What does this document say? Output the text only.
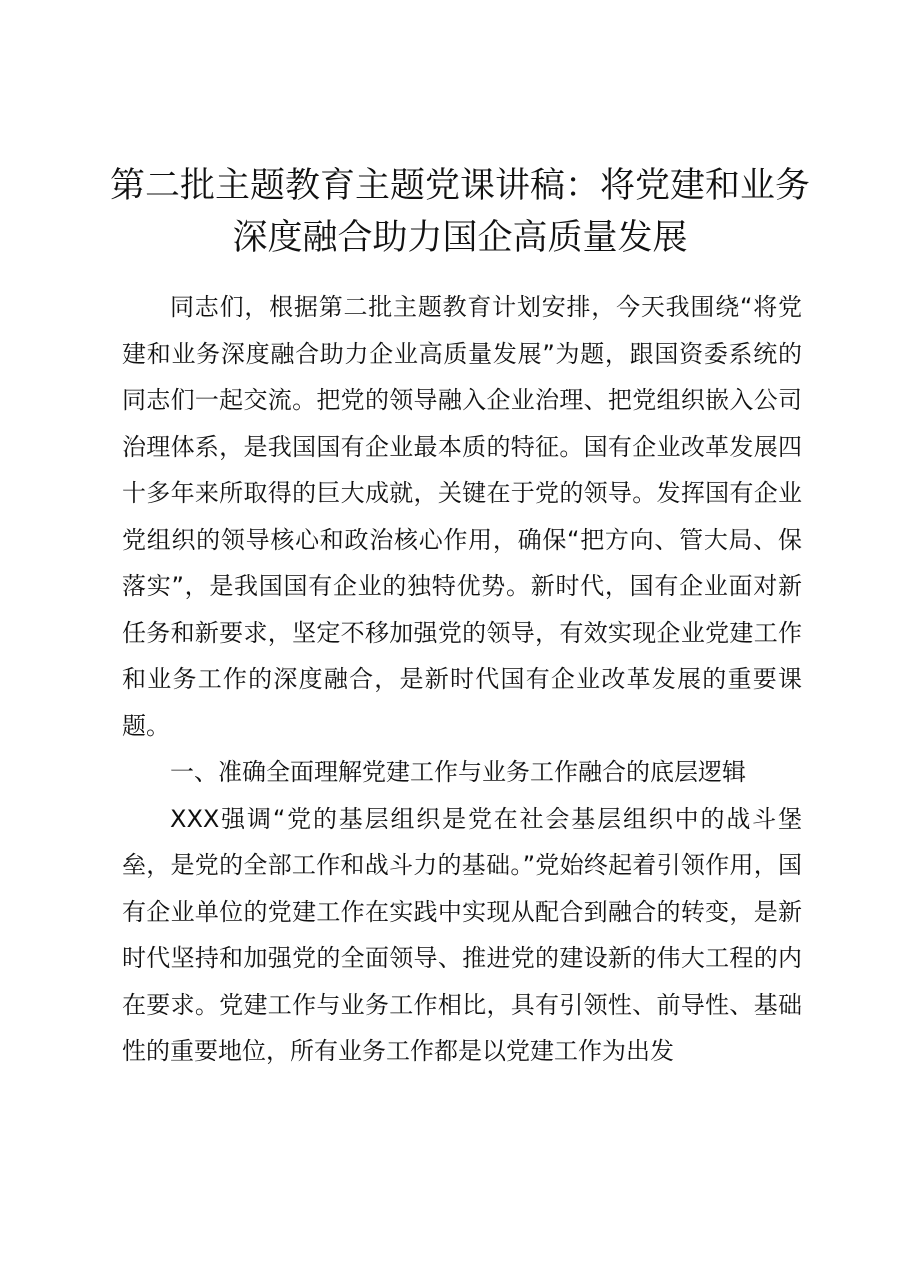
第二批主题教育主题党课讲稿：将党建和业务
深度融合助力国企高质量发展

同志们，根据第二批主题教育计划安排，今天我围绕“将党建和业务深度融合助力企业高质量发展”为题，跟国资委系统的同志们一起交流。把党的领导融入企业治理、把党组织嵌入公司治理体系，是我国国有企业最本质的特征。国有企业改革发展四十多年来所取得的巨大成就，关键在于党的领导。发挥国有企业党组织的领导核心和政治核心作用，确保“把方向、管大局、保落实”，是我国国有企业的独特优势。新时代，国有企业面对新任务和新要求，坚定不移加强党的领导，有效实现企业党建工作和业务工作的深度融合，是新时代国有企业改革发展的重要课题。

一、准确全面理解党建工作与业务工作融合的底层逻辑

XXX强调“党的基层组织是党在社会基层组织中的战斗堡垒，是党的全部工作和战斗力的基础。”党始终起着引领作用，国有企业单位的党建工作在实践中实现从配合到融合的转变，是新时代坚持和加强党的全面领导、推进党的建设新的伟大工程的内在要求。党建工作与业务工作相比，具有引领性、前导性、基础性的重要地位，所有业务工作都是以党建工作为出发
